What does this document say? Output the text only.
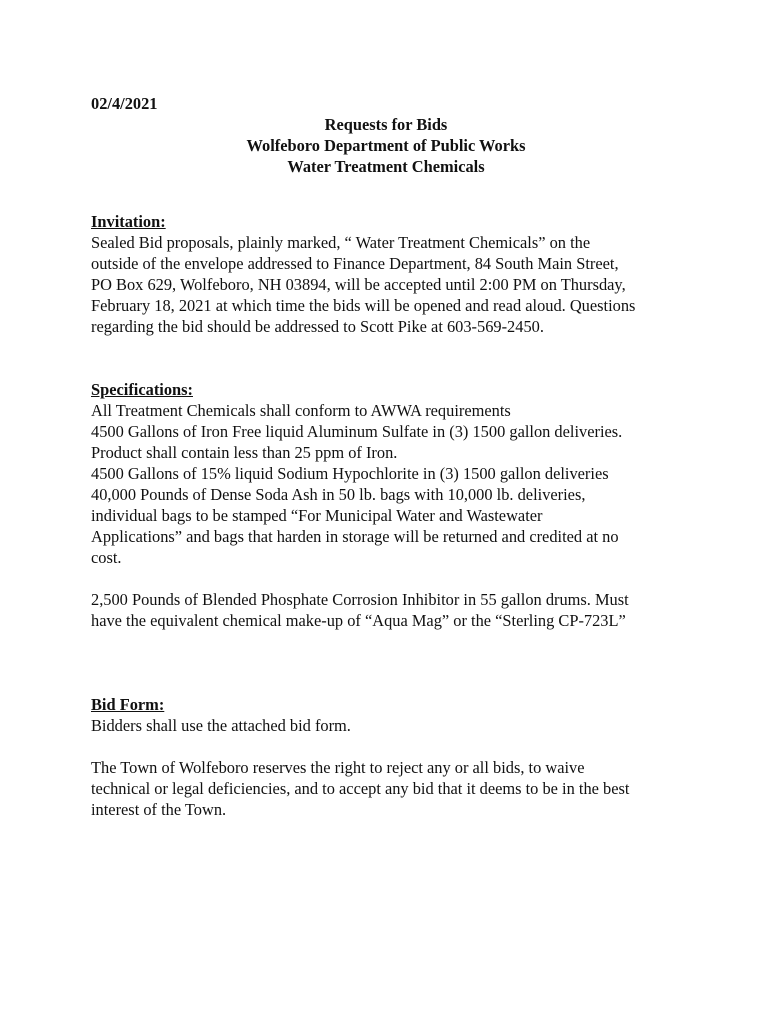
02/4/2021

Requests for Bids

Wolfeboro Department of Public Works

Water Treatment Chemicals

Invitation:

Sealed Bid proposals, plainly marked, “ Water Treatment Chemicals” on the
outside of the envelope addressed to Finance Department, 84 South Main Street,
PO Box 629, Wolfeboro, NH 03894, will be accepted until 2:00 PM on Thursday,
February 18, 2021 at which time the bids will be opened and read aloud. Questions
regarding the bid should be addressed to Scott Pike at 603-569-2450.

Specifications:

All Treatment Chemicals shall conform to AWWA requirements
4500 Gallons of Iron Free liquid Aluminum Sulfate in (3) 1500 gallon deliveries.
Product shall contain less than 25 ppm of Iron.
4500 Gallons of 15% liquid Sodium Hypochlorite in (3) 1500 gallon deliveries
40,000 Pounds of Dense Soda Ash in 50 lb. bags with 10,000 lb. deliveries,
individual bags to be stamped “For Municipal Water and Wastewater
Applications” and bags that harden in storage will be returned and credited at no
cost.
2,500 Pounds of Blended Phosphate Corrosion Inhibitor in 55 gallon drums. Must
have the equivalent chemical make-up of “Aqua Mag” or the “Sterling CP-723L”

Bid Form:

Bidders shall use the attached bid form.

The Town of Wolfeboro reserves the right to reject any or all bids, to waive
technical or legal deficiencies, and to accept any bid that it deems to be in the best
interest of the Town.
